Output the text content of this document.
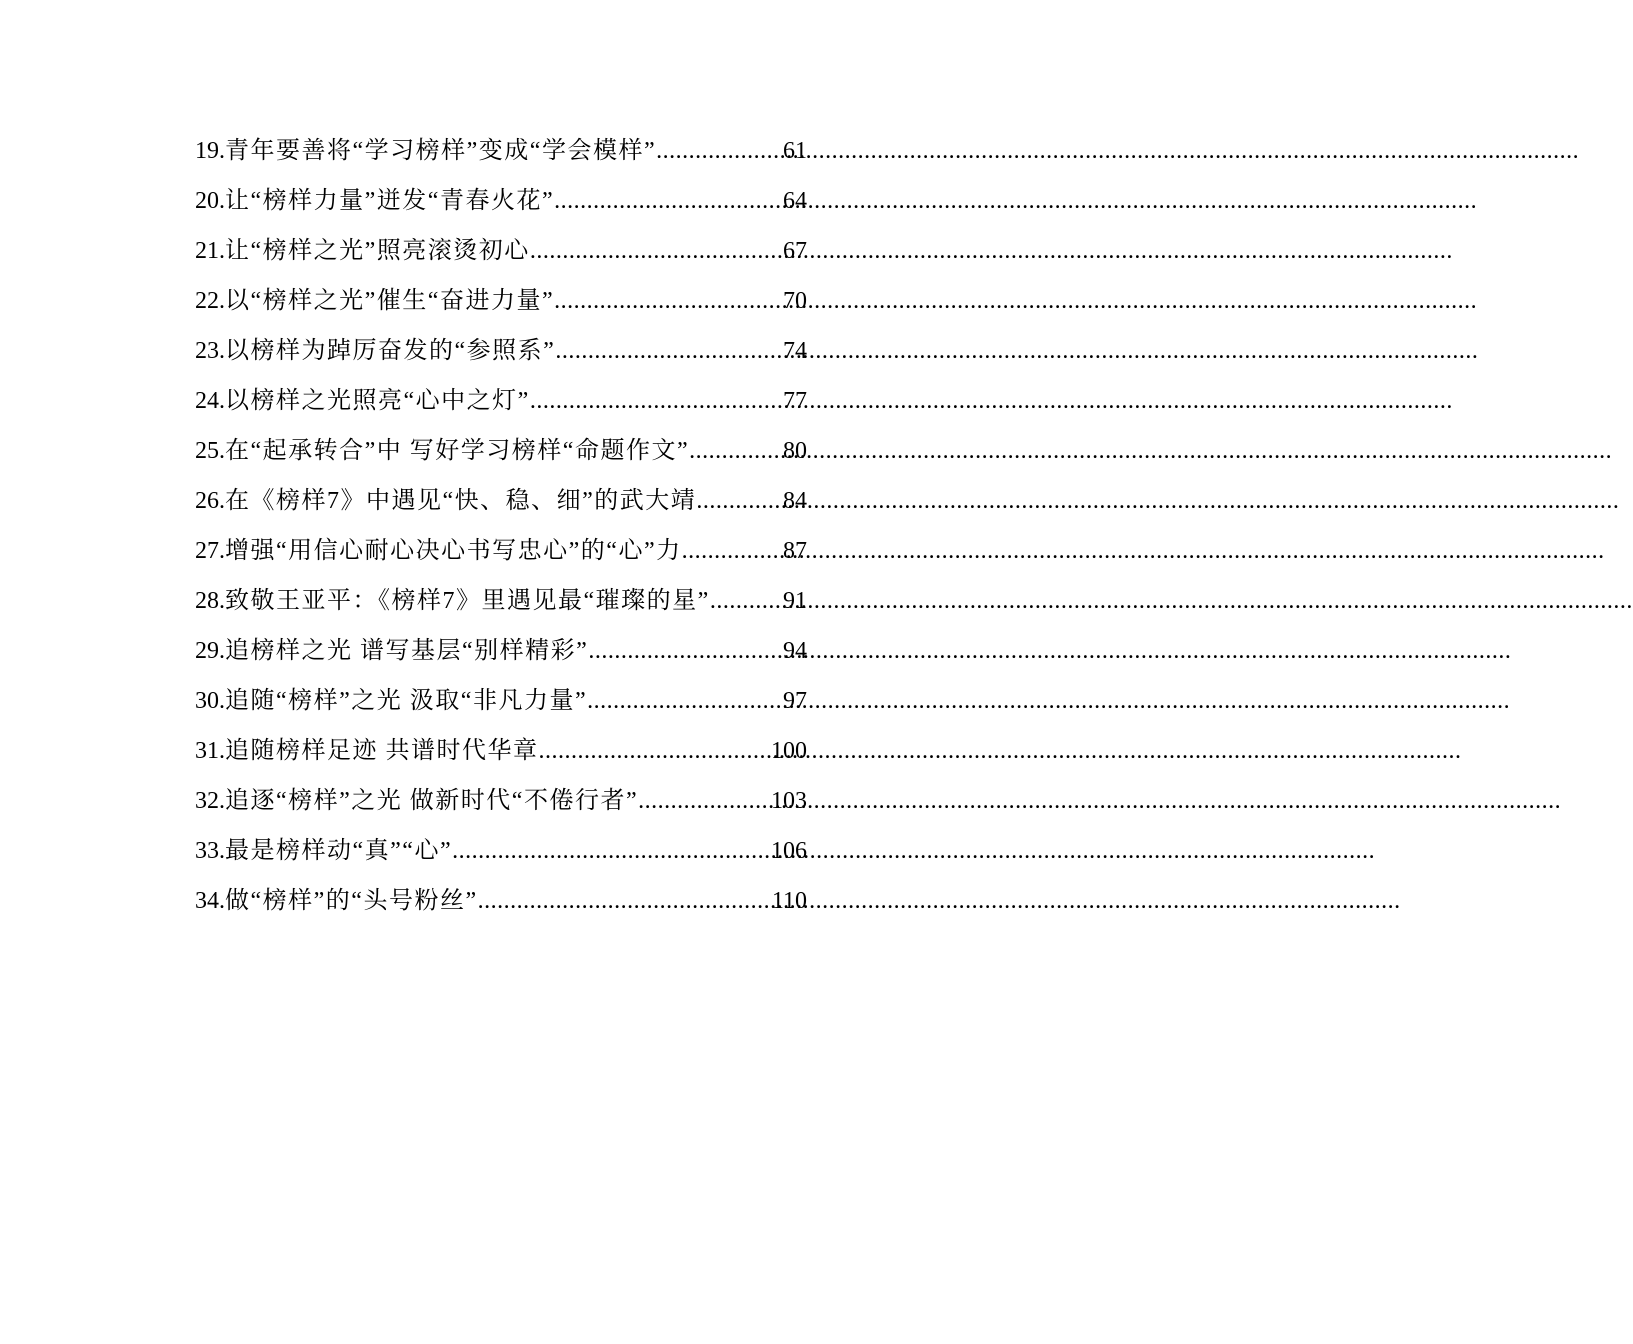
19. 青年要善将“学习榜样”变成“学会模样” .....	61
20. 让“榜样力量”迸发“青春火花” .....	64
21. 让“榜样之光”照亮滚烫初心 .....	67
22. 以“榜样之光”催生“奋进力量” .....	70
23. 以榜样为踔厉奋发的“参照系” .....	74
24. 以榜样之光照亮“心中之灯” .....	77
25. 在“起承转合”中 写好学习榜样“命题作文” .....	80
26. 在《榜样7》中遇见“快、稳、细”的武大靖 .....	84
27. 增强“用信心耐心决心书写忠心”的“心”力 .....	87
28. 致敬王亚平：《榜样7》里遇见最“璀璨的星” .....	91
29. 追榜样之光 谱写基层“别样精彩” .....	94
30. 追随“榜样”之光 汲取“非凡力量” .....	97
31. 追随榜样足迹 共谱时代华章 .....	100
32. 追逐“榜样”之光 做新时代“不倦行者” .....	103
33. 最是榜样动“真”“心” .....	106
34. 做“榜样”的“头号粉丝” .....	110
